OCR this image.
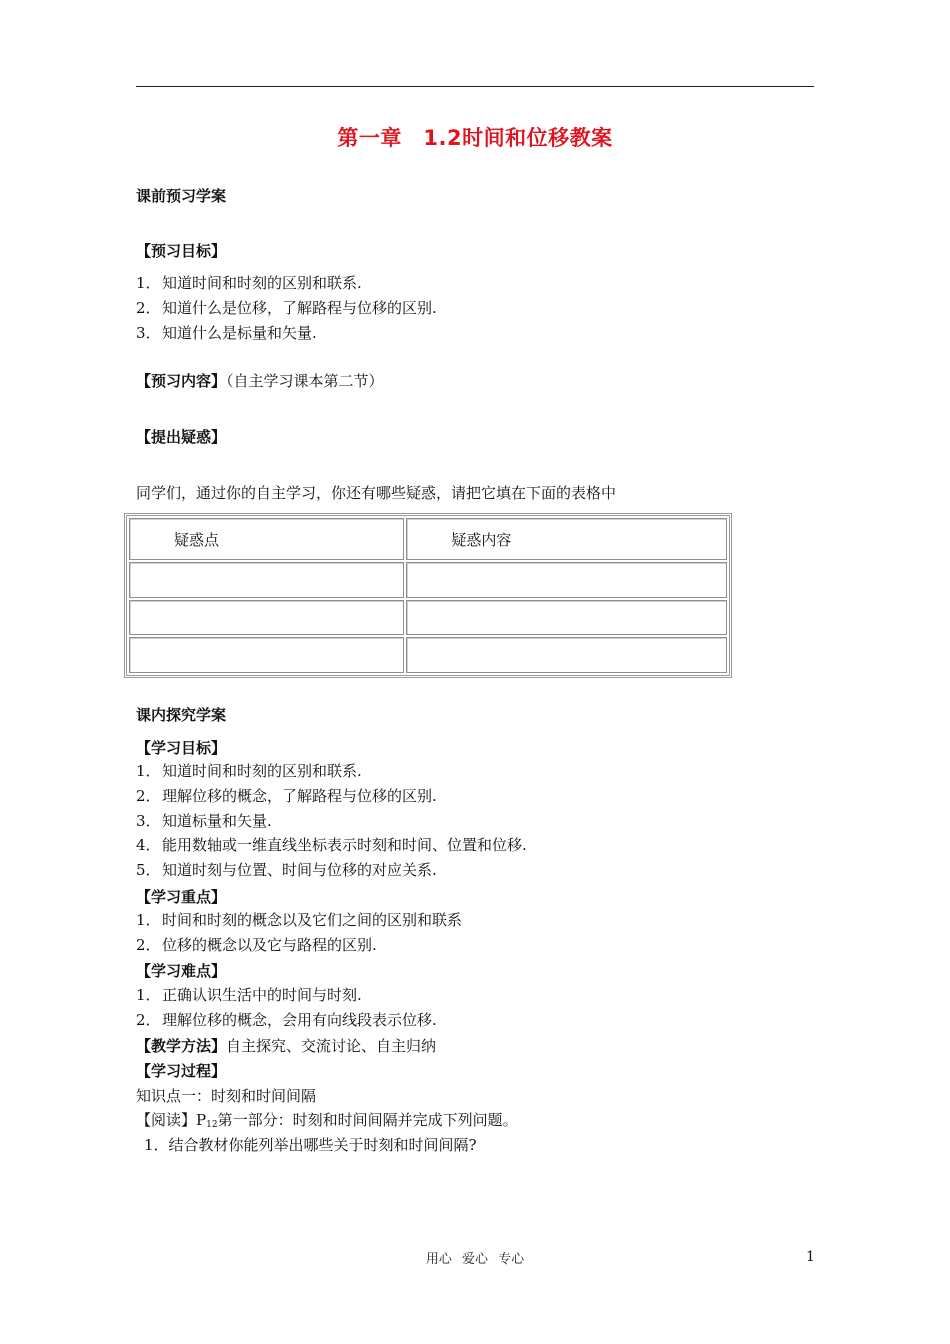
第一章　1.2时间和位移教案
课前预习学案
【预习目标】
1．知道时间和时刻的区别和联系.
2．知道什么是位移，了解路程与位移的区别.
3．知道什么是标量和矢量.
【预习内容】（自主学习课本第二节）
【提出疑惑】
同学们，通过你的自主学习，你还有哪些疑惑，请把它填在下面的表格中
疑惑点	疑惑内容

课内探究学案
【学习目标】
1．知道时间和时刻的区别和联系.
2．理解位移的概念，了解路程与位移的区别.
3．知道标量和矢量.
4．能用数轴或一维直线坐标表示时刻和时间、位置和位移.
5．知道时刻与位置、时间与位移的对应关系.
【学习重点】
1．时间和时刻的概念以及它们之间的区别和联系
2．位移的概念以及它与路程的区别.
【学习难点】
1．正确认识生活中的时间与时刻.
2．理解位移的概念，会用有向线段表示位移.
【教学方法】自主探究、交流讨论、自主归纳
【学习过程】
知识点一：时刻和时间间隔
【阅读】$P_{12}$第一部分：时刻和时间间隔并完成下列问题。
1．结合教材你能列举出哪些关于时刻和时间间隔?
用心 爱心 专心	1
